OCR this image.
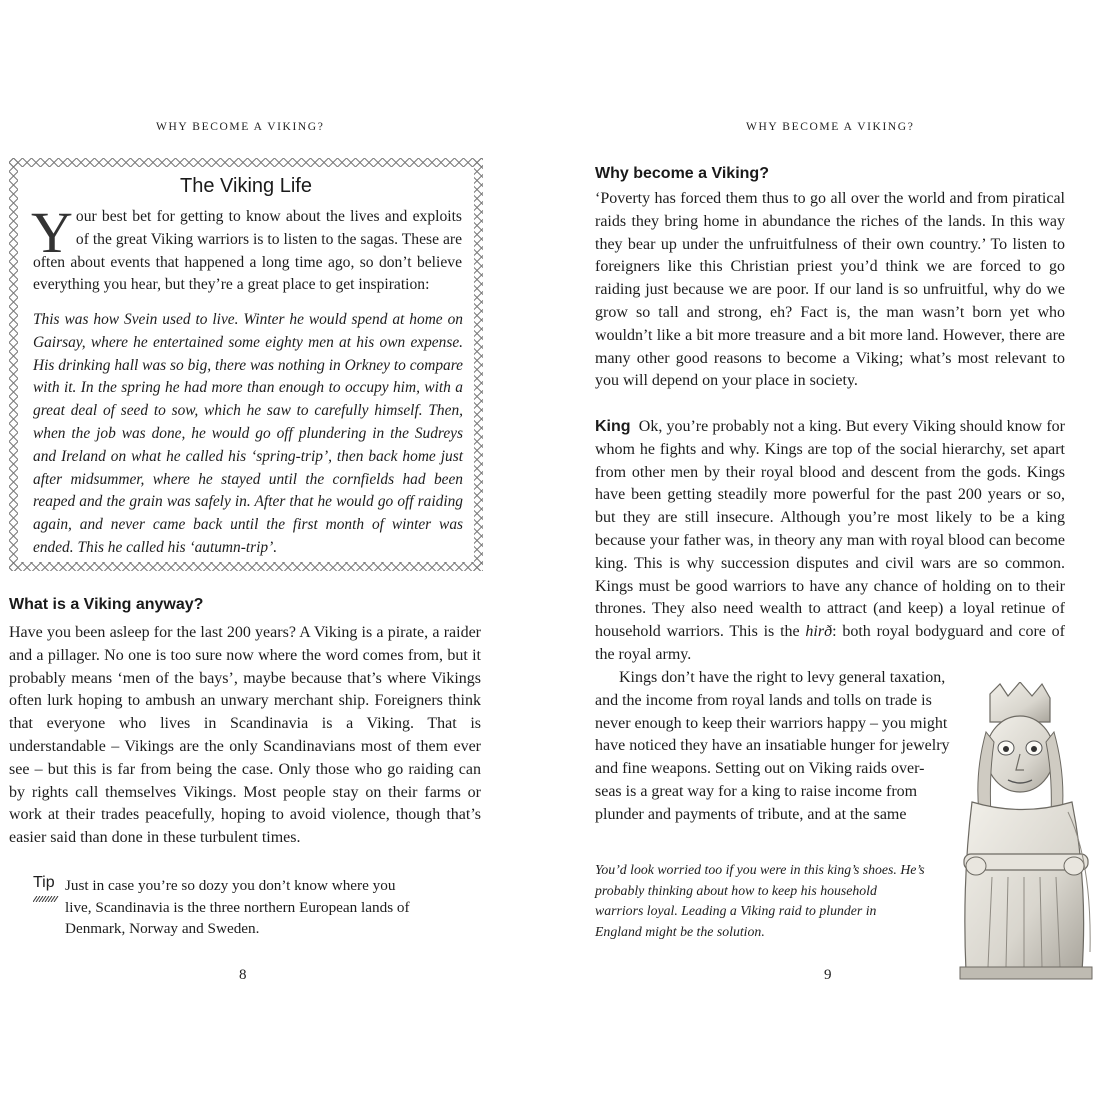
WHY BECOME A VIKING?
The Viking Life
Your best bet for getting to know about the lives and exploits of the great Viking warriors is to listen to the sagas. These are often about events that happened a long time ago, so don’t believe everything you hear, but they’re a great place to get inspiration:
This was how Svein used to live. Winter he would spend at home on Gairsay, where he entertained some eighty men at his own expense. His drinking hall was so big, there was nothing in Orkney to compare with it. In the spring he had more than enough to occupy him, with a great deal of seed to sow, which he saw to carefully himself. Then, when the job was done, he would go off plundering in the Sudreys and Ireland on what he called his ‘spring-trip’, then back home just after midsummer, where he stayed until the cornfields had been reaped and the grain was safely in. After that he would go off raiding again, and never came back until the first month of winter was ended. This he called his ‘autumn-trip’.
What is a Viking anyway?

Have you been asleep for the last 200 years? A Viking is a pirate, a raider and a pillager. No one is too sure now where the word comes from, but it probably means ‘men of the bays’, maybe because that’s where Vikings often lurk hoping to ambush an unwary merchant ship. Foreigners think that everyone who lives in Scandinavia is a Viking. That is understandable – Vikings are the only Scandinavians most of them ever see – but this is far from being the case. Only those who go raiding can by rights call themselves Vikings. Most people stay on their farms or work at their trades peacefully, hoping to avoid violence, though that’s easier said than done in these turbulent times.

Tip Just in case you’re so dozy you don’t know where you live, Scandinavia is the three northern European lands of Denmark, Norway and Sweden.
8
WHY BECOME A VIKING?
Why become a Viking?

‘Poverty has forced them thus to go all over the world and from piratical raids they bring home in abundance the riches of the lands. In this way they bear up under the unfruitfulness of their own country.’ To listen to foreigners like this Christian priest you’d think we are forced to go raiding just because we are poor. If our land is so unfruitful, why do we grow so tall and strong, eh? Fact is, the man wasn’t born yet who wouldn’t like a bit more treasure and a bit more land. However, there are many other good reasons to become a Viking; what’s most relevant to you will depend on your place in society.

King Ok, you’re probably not a king. But every Viking should know for whom he fights and why. Kings are top of the social hierarchy, set apart from other men by their royal blood and descent from the gods. Kings have been getting steadily more powerful for the past 200 years or so, but they are still insecure. Although you’re most likely to be a king because your father was, in theory any man with royal blood can become king. This is why succession disputes and civil wars are so common. Kings must be good warriors to have any chance of holding on to their thrones. They also need wealth to attract (and keep) a loyal retinue of household warriors. This is the hirð: both royal bodyguard and core of the royal army.

Kings don’t have the right to levy general taxation,
and the income from royal lands and tolls on trade is
never enough to keep their warriors happy – you might
have noticed they have an insatiable hunger for jewelry
and fine weapons. Setting out on Viking raids over-
seas is a great way for a king to raise income from
plunder and payments of tribute, and at the same
You’d look worried too if you were in this king’s shoes. He’s probably thinking about how to keep his household warriors loyal. Leading a Viking raid to plunder in England might be the solution.
9
